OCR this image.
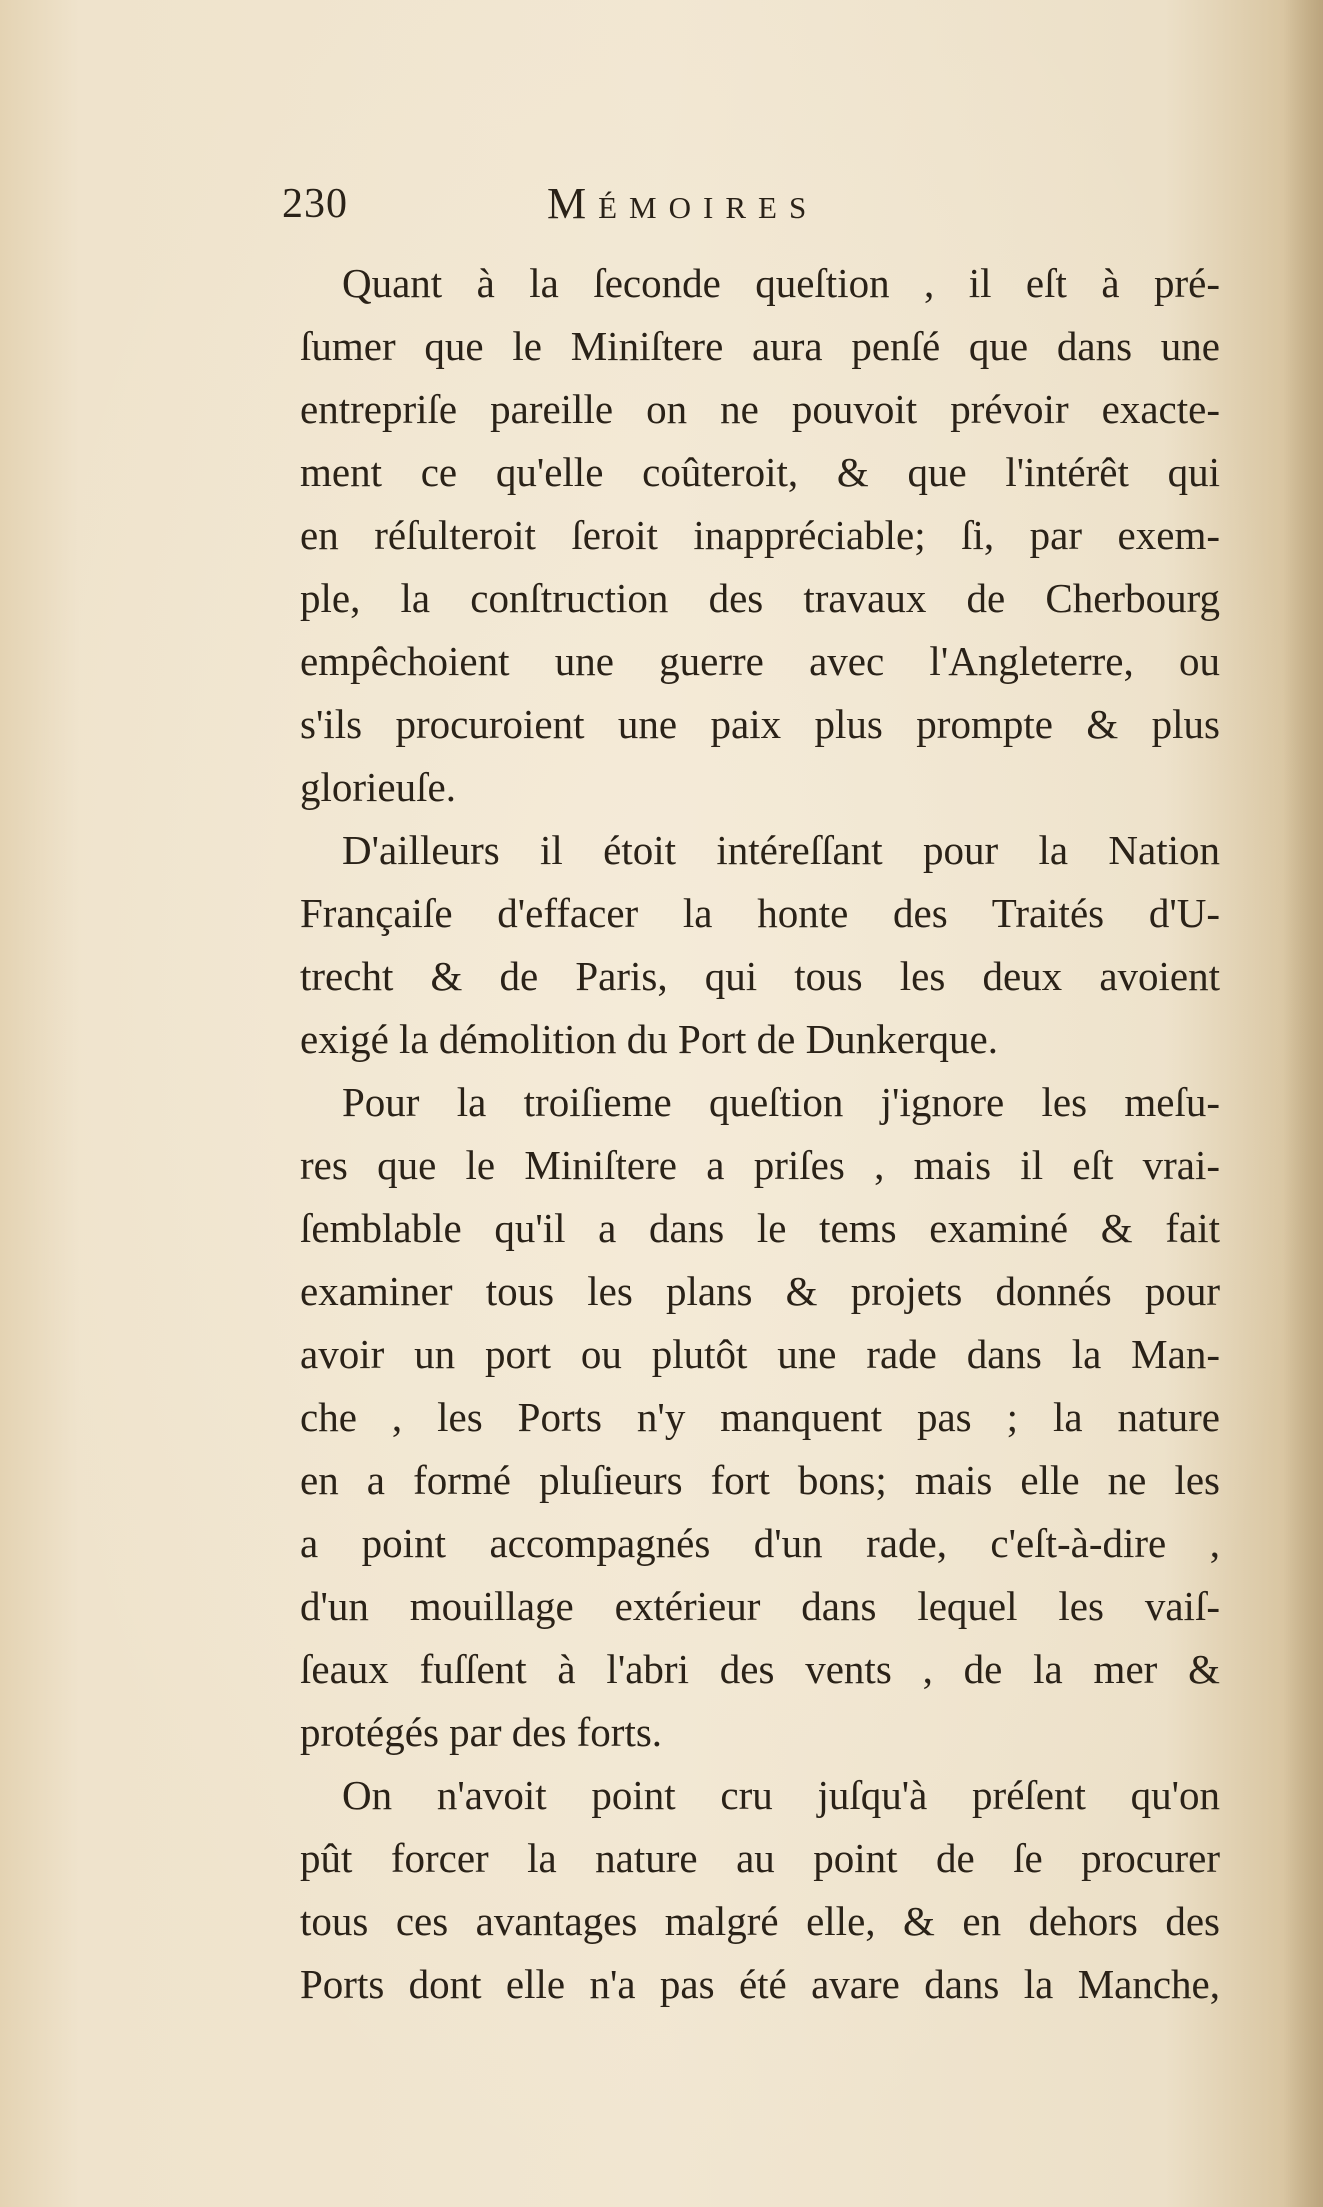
230	Mémoires
Quant à la ſeconde queſtion , il eſt à pré-
ſumer que le Miniſtere aura penſé que dans une
entrepriſe pareille on ne pouvoit prévoir exacte-
ment ce qu'elle coûteroit, & que l'intérêt qui
en réſulteroit ſeroit inappréciable; ſi, par exem-
ple, la conſtruction des travaux de Cherbourg
empêchoient une guerre avec l'Angleterre, ou
s'ils procuroient une paix plus prompte & plus
glorieuſe.
D'ailleurs il étoit intéreſſant pour la Nation
Françaiſe d'effacer la honte des Traités d'U-
trecht & de Paris, qui tous les deux avoient
exigé la démolition du Port de Dunkerque.
Pour la troiſieme queſtion j'ignore les meſu-
res que le Miniſtere a priſes , mais il eſt vrai-
ſemblable qu'il a dans le tems examiné & fait
examiner tous les plans & projets donnés pour
avoir un port ou plutôt une rade dans la Man-
che , les Ports n'y manquent pas ; la nature
en a formé pluſieurs fort bons; mais elle ne les
a point accompagnés d'un rade, c'eſt-à-dire ,
d'un mouillage extérieur dans lequel les vaiſ-
ſeaux fuſſent à l'abri des vents , de la mer &
protégés par des forts.
On n'avoit point cru juſqu'à préſent qu'on
pût forcer la nature au point de ſe procurer
tous ces avantages malgré elle, & en dehors des
Ports dont elle n'a pas été avare dans la Manche,
